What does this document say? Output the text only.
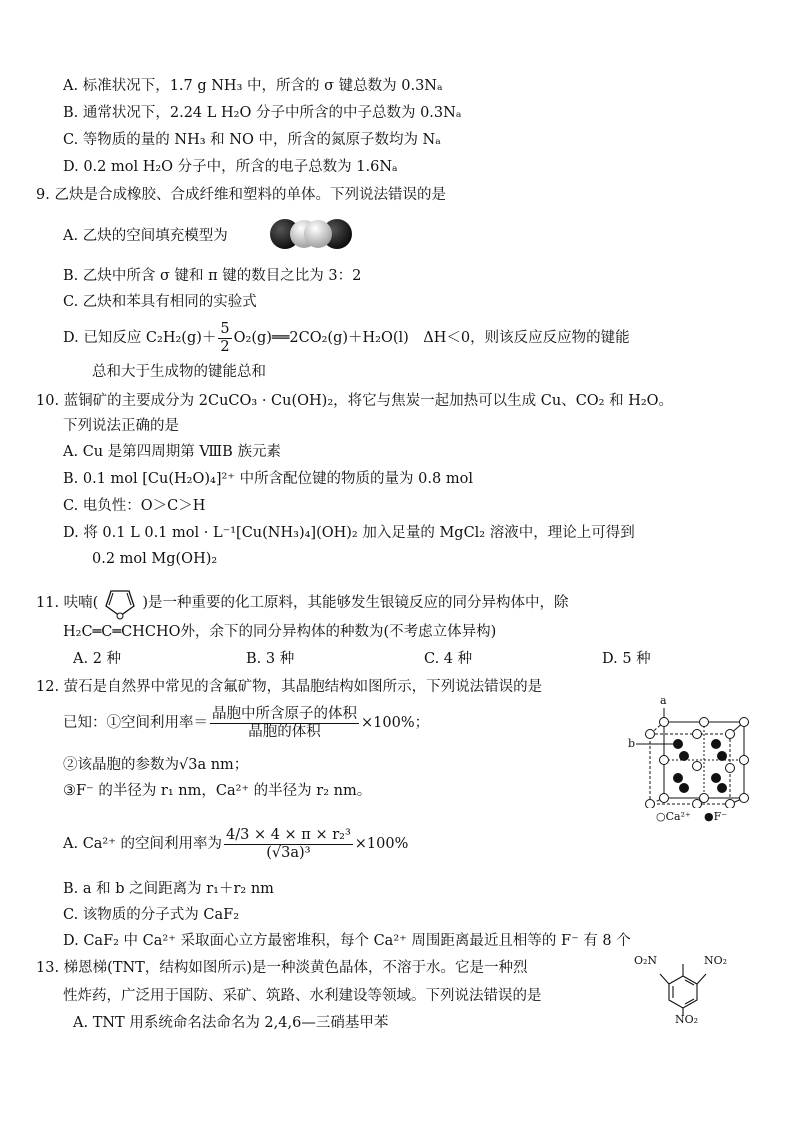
A. 标准状况下，1.7 g NH₃ 中，所含的 σ 键总数为 0.3Nₐ
B. 通常状况下，2.24 L H₂O 分子中所含的中子总数为 0.3Nₐ
C. 等物质的量的 NH₃ 和 NO 中，所含的氮原子数均为 Nₐ
D. 0.2 mol H₂O 分子中，所含的电子总数为 1.6Nₐ
9. 乙炔是合成橡胶、合成纤维和塑料的单体。下列说法错误的是
A. 乙炔的空间填充模型为
B. 乙炔中所含 σ 键和 π 键的数目之比为 3：2
C. 乙炔和苯具有相同的实验式
D. 已知反应 $C_2H_2(g)+ \frac{5}{2}$ O₂(g)══2CO₂(g)＋H₂O(l)　ΔH＜0，则该反应反应物的键能
总和大于生成物的键能总和
10. 蓝铜矿的主要成分为 2CuCO₃ · Cu(OH)₂，将它与焦炭一起加热可以生成 Cu、CO₂ 和 H₂O。
下列说法正确的是
A. Cu 是第四周期第 ⅧB 族元素
B. 0.1 mol [Cu(H₂O)₄]²⁺ 中所含配位键的物质的量为 0.8 mol
C. 电负性：O＞C＞H
D. 将 0.1 L 0.1 mol · L⁻¹[Cu(NH₃)₄](OH)₂ 加入足量的 MgCl₂ 溶液中，理论上可得到
0.2 mol Mg(OH)₂
11. 呋喃(	)是一种重要的化工原料，其能够发生银镜反应的同分异构体中，除
H₂C═C═CHCHO外，余下的同分异构体的种数为(不考虑立体异构)
A. 2 种	B. 3 种	C. 4 种	D. 5 种
12. 萤石是自然界中常见的含氟矿物，其晶胞结构如图所示，下列说法错误的是
已知：①空间利用率＝ $\frac{\text{晶胞中所含原子的体积}}{\text{晶胞的体积}} \times 100\%$；
②该晶胞的参数为√3a nm；
③F⁻ 的半径为 r₁ nm，Ca²⁺ 的半径为 r₂ nm。
A. Ca²⁺ 的空间利用率为 $\frac{\text{4/3 × 4 × π × r₂³}}{\text{(√3a)³}} \times 100\%$
B. a 和 b 之间距离为 r₁＋r₂ nm
C. 该物质的分子式为 CaF₂
D. CaF₂ 中 Ca²⁺ 采取面心立方最密堆积，每个 Ca²⁺ 周围距离最近且相等的 F⁻ 有 8 个
a
b
○Ca²⁺ ●F⁻
13. 梯恩梯(TNT，结构如图所示)是一种淡黄色晶体，不溶于水。它是一种烈
性炸药，广泛用于国防、采矿、筑路、水利建设等领域。下列说法错误的是
A. TNT 用系统命名法命名为 2,4,6—三硝基甲苯
O₂N	NO₂
NO₂
